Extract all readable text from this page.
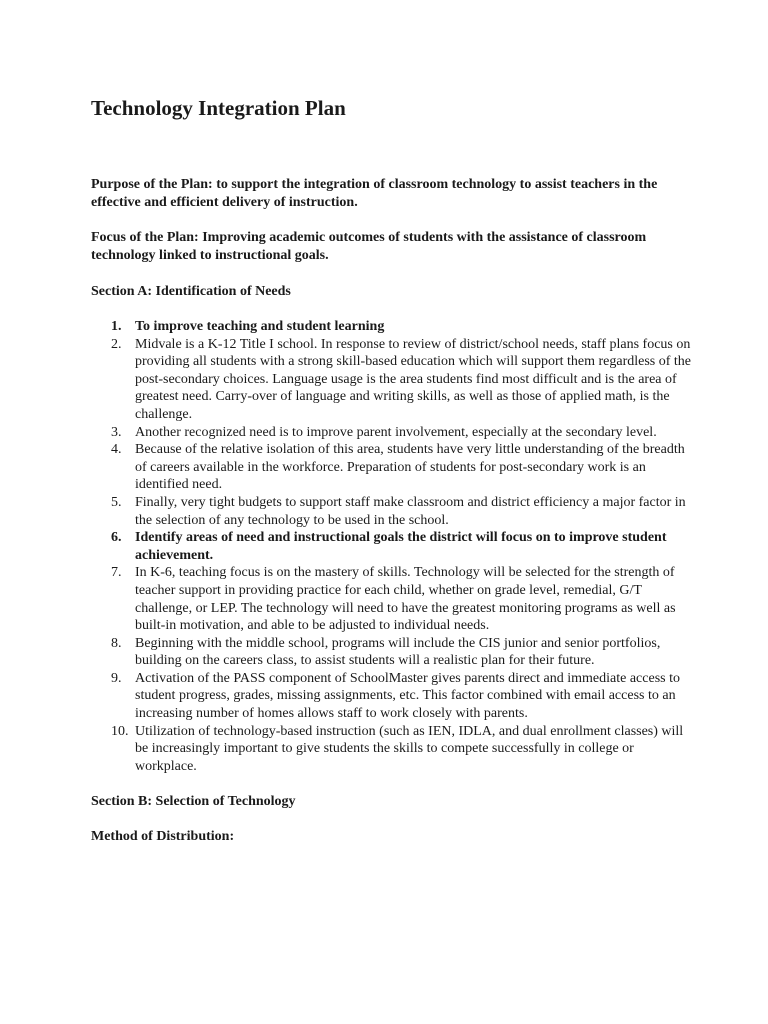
Technology Integration Plan

Purpose of the Plan: to support the integration of classroom technology to assist teachers in the effective and efficient delivery of instruction.

Focus of the Plan: Improving academic outcomes of students with the assistance of classroom technology linked to instructional goals.

Section A: Identification of Needs

1. To improve teaching and student learning
2. Midvale is a K-12 Title I school. In response to review of district/school needs, staff plans focus on providing all students with a strong skill-based education which will support them regardless of the post-secondary choices. Language usage is the area students find most difficult and is the area of greatest need. Carry-over of language and writing skills, as well as those of applied math, is the challenge.
3. Another recognized need is to improve parent involvement, especially at the secondary level.
4. Because of the relative isolation of this area, students have very little understanding of the breadth of careers available in the workforce. Preparation of students for post-secondary work is an identified need.
5. Finally, very tight budgets to support staff make classroom and district efficiency a major factor in the selection of any technology to be used in the school.
6. Identify areas of need and instructional goals the district will focus on to improve student achievement.
7. In K-6, teaching focus is on the mastery of skills. Technology will be selected for the strength of teacher support in providing practice for each child, whether on grade level, remedial, G/T challenge, or LEP. The technology will need to have the greatest monitoring programs as well as built-in motivation, and able to be adjusted to individual needs.
8. Beginning with the middle school, programs will include the CIS junior and senior portfolios, building on the careers class, to assist students will a realistic plan for their future.
9. Activation of the PASS component of SchoolMaster gives parents direct and immediate access to student progress, grades, missing assignments, etc. This factor combined with email access to an increasing number of homes allows staff to work closely with parents.
10. Utilization of technology-based instruction (such as IEN, IDLA, and dual enrollment classes) will be increasingly important to give students the skills to compete successfully in college or workplace.

Section B: Selection of Technology

Method of Distribution:
